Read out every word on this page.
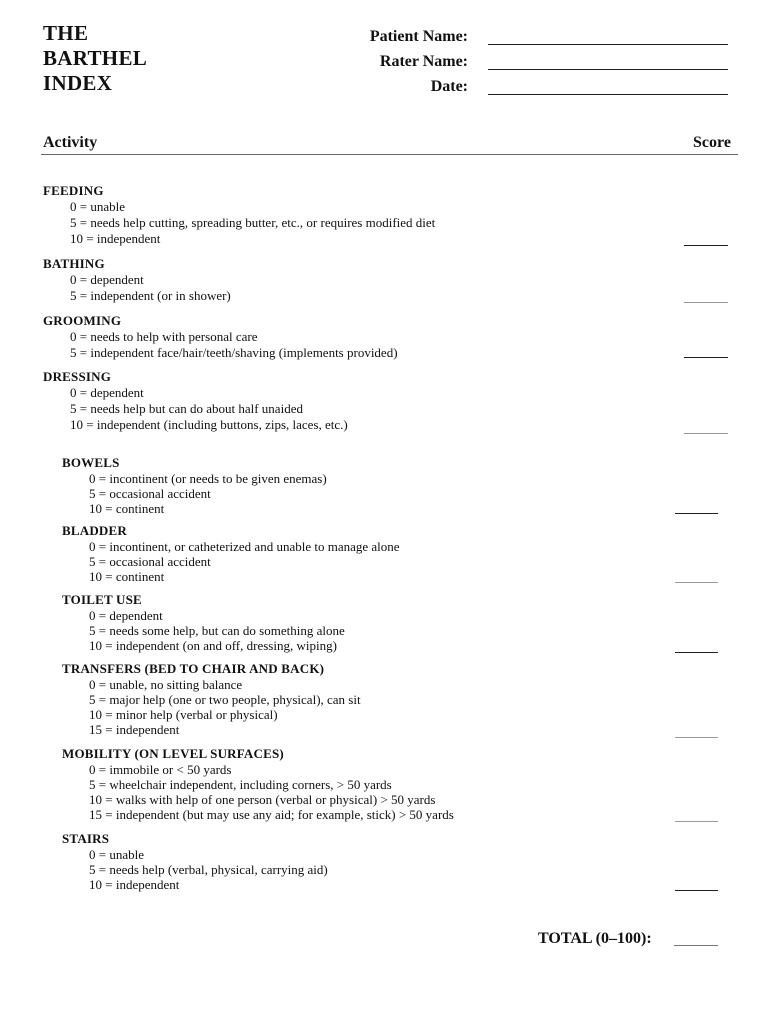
THE
BARTHEL
INDEX
Patient Name:
Rater Name:
Date:
Activity	Score
FEEDING
0 = unable
5 = needs help cutting, spreading butter, etc., or requires modified diet
10 = independent
BATHING
0 = dependent
5 = independent (or in shower)
GROOMING
0 = needs to help with personal care
5 = independent face/hair/teeth/shaving (implements provided)
DRESSING
0 = dependent
5 = needs help but can do about half unaided
10 = independent (including buttons, zips, laces, etc.)
BOWELS
0 = incontinent (or needs to be given enemas)
5 = occasional accident
10 = continent
BLADDER
0 = incontinent, or catheterized and unable to manage alone
5 = occasional accident
10 = continent
TOILET USE
0 = dependent
5 = needs some help, but can do something alone
10 = independent (on and off, dressing, wiping)
TRANSFERS (BED TO CHAIR AND BACK)
0 = unable, no sitting balance
5 = major help (one or two people, physical), can sit
10 = minor help (verbal or physical)
15 = independent
MOBILITY (ON LEVEL SURFACES)
0 = immobile or < 50 yards
5 = wheelchair independent, including corners, > 50 yards
10 = walks with help of one person (verbal or physical) > 50 yards
15 = independent (but may use any aid; for example, stick) > 50 yards
STAIRS
0 = unable
5 = needs help (verbal, physical, carrying aid)
10 = independent
TOTAL (0–100):
